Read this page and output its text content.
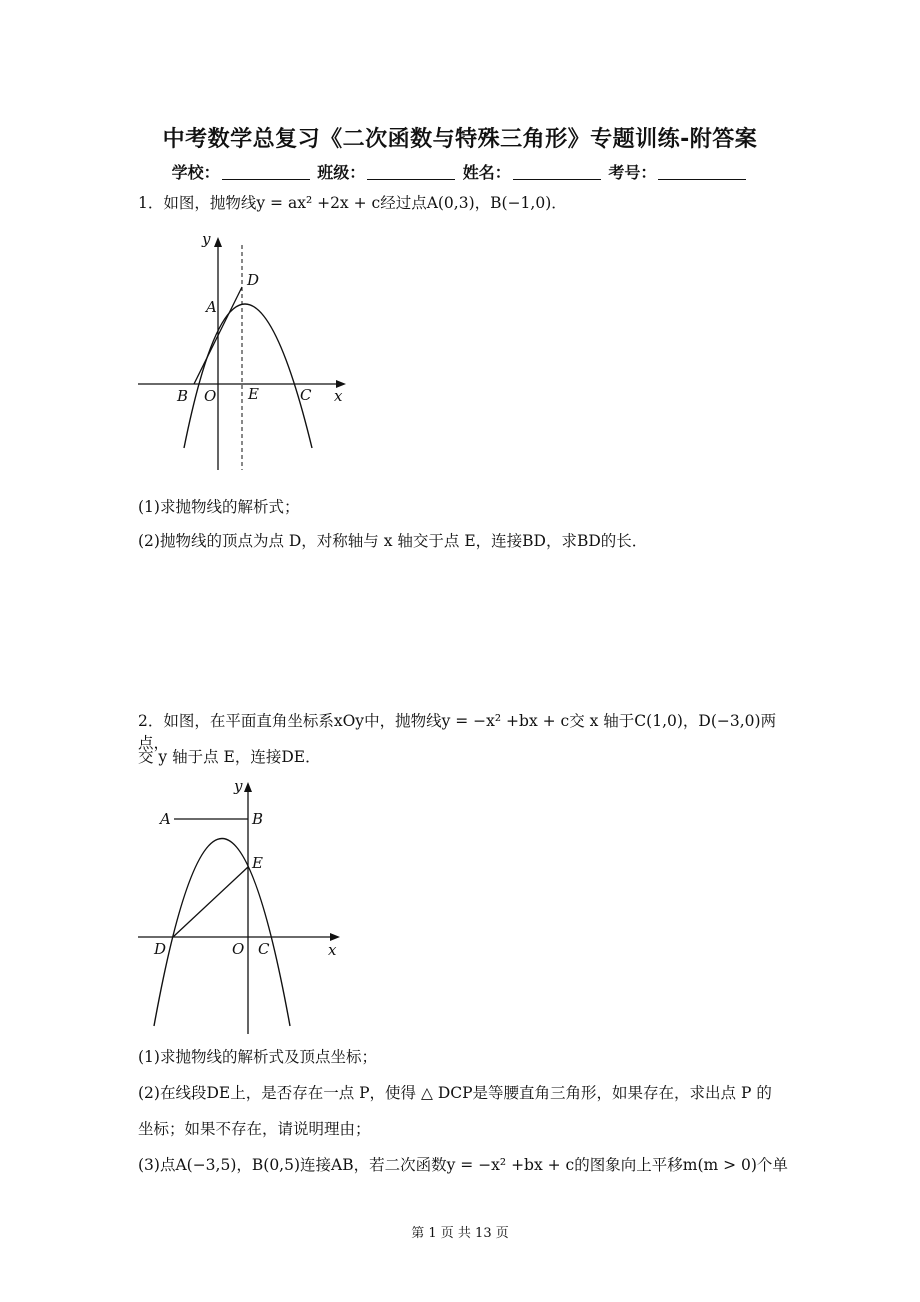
中考数学总复习《二次函数与特殊三角形》专题训练-附答案
学校：	班级：	姓名：	考号：
1．如图，抛物线y = ax² +2x + c经过点A(0,3)，B(−1,0)．
y
x
A
B O
D
E	C
(1)求抛物线的解析式；
(2)抛物线的顶点为点 D，对称轴与 x 轴交于点 E，连接BD，求BD的长．
2．如图，在平面直角坐标系xOy中，抛物线y = −x² +bx + c交 x 轴于C(1,0)，D(−3,0)两点，
交 y 轴于点 E，连接DE．
y
x
A	B
E
D	O C
(1)求抛物线的解析式及顶点坐标；
(2)在线段DE上，是否存在一点 P，使得 △ DCP是等腰直角三角形，如果存在，求出点 P 的
坐标；如果不存在，请说明理由；
(3)点A(−3,5)，B(0,5)连接AB，若二次函数y = −x² +bx + c的图象向上平移m(m > 0)个单
第 1 页 共 13 页
